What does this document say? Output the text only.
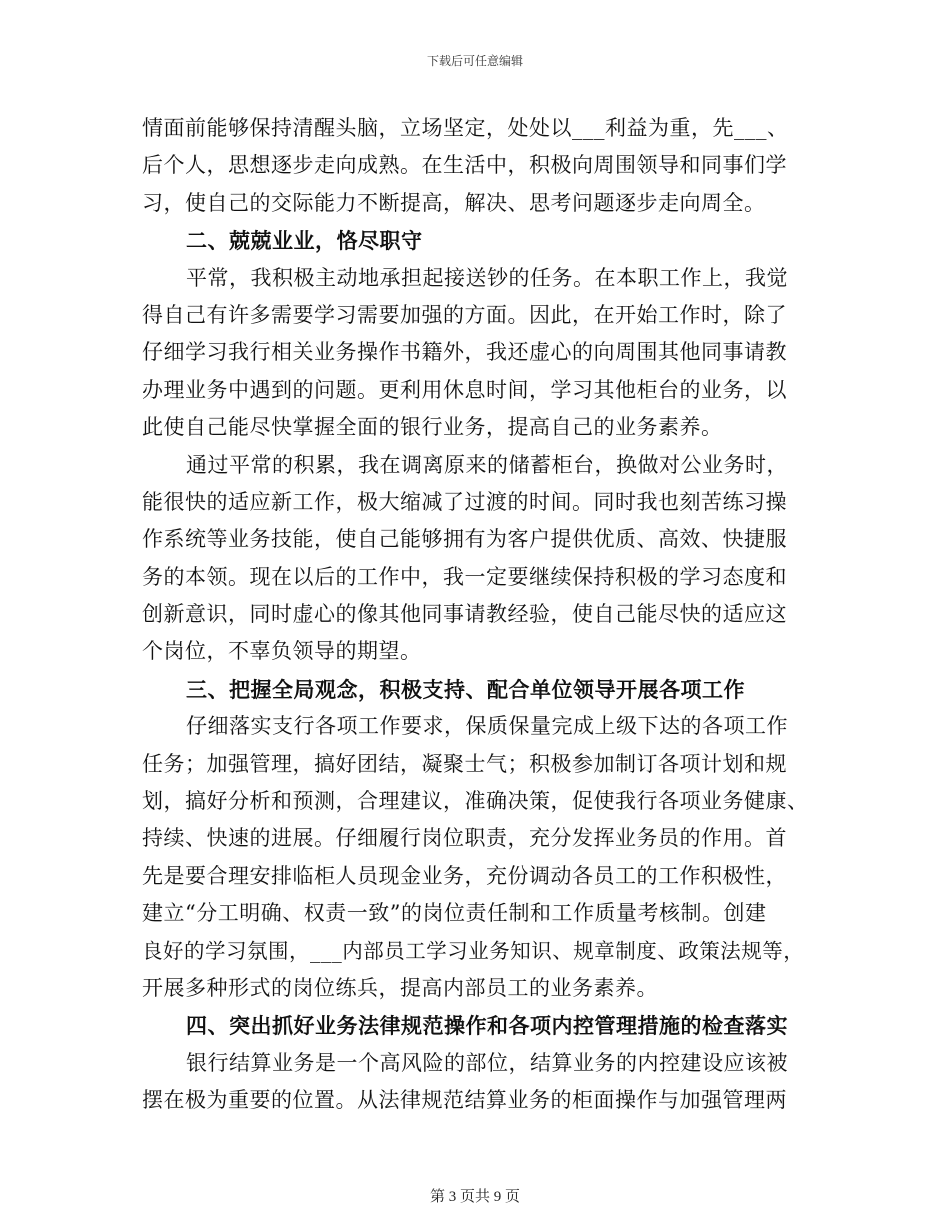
下载后可任意编辑
情面前能够保持清醒头脑，立场坚定，处处以___利益为重，先___、
后个人，思想逐步走向成熟。在生活中，积极向周围领导和同事们学
习，使自己的交际能力不断提高，解决、思考问题逐步走向周全。
二、兢兢业业，恪尽职守
平常，我积极主动地承担起接送钞的任务。在本职工作上，我觉
得自己有许多需要学习需要加强的方面。因此，在开始工作时，除了
仔细学习我行相关业务操作书籍外，我还虚心的向周围其他同事请教
办理业务中遇到的问题。更利用休息时间，学习其他柜台的业务，以
此使自己能尽快掌握全面的银行业务，提高自己的业务素养。
通过平常的积累，我在调离原来的储蓄柜台，换做对公业务时，
能很快的适应新工作，极大缩减了过渡的时间。同时我也刻苦练习操
作系统等业务技能，使自己能够拥有为客户提供优质、高效、快捷服
务的本领。现在以后的工作中，我一定要继续保持积极的学习态度和
创新意识，同时虚心的像其他同事请教经验，使自己能尽快的适应这
个岗位，不辜负领导的期望。
三、把握全局观念，积极支持、配合单位领导开展各项工作
仔细落实支行各项工作要求，保质保量完成上级下达的各项工作
任务；加强管理，搞好团结，凝聚士气；积极参加制订各项计划和规
划，搞好分析和预测，合理建议，准确决策，促使我行各项业务健康、
持续、快速的进展。仔细履行岗位职责，充分发挥业务员的作用。首
先是要合理安排临柜人员现金业务，充份调动各员工的工作积极性，
建立“分工明确、权责一致”的岗位责任制和工作质量考核制。创建
良好的学习氛围，___内部员工学习业务知识、规章制度、政策法规等，
开展多种形式的岗位练兵，提高内部员工的业务素养。
四、突出抓好业务法律规范操作和各项内控管理措施的检查落实
银行结算业务是一个高风险的部位，结算业务的内控建设应该被
摆在极为重要的位置。从法律规范结算业务的柜面操作与加强管理两
第 3 页共 9 页
